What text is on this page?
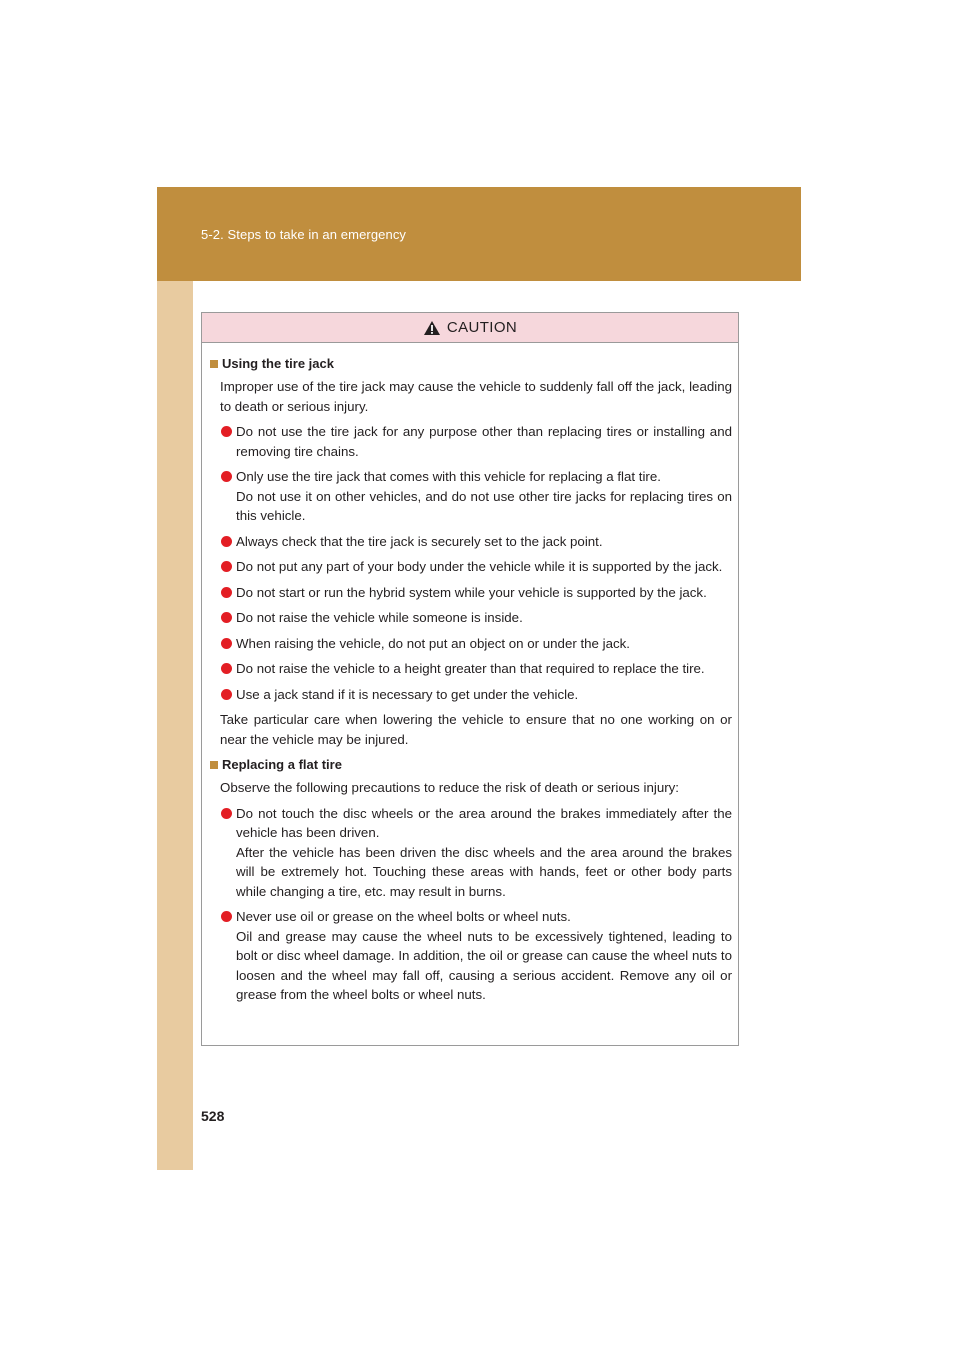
5-2. Steps to take in an emergency
CAUTION
Using the tire jack
Improper use of the tire jack may cause the vehicle to suddenly fall off the jack, leading to death or serious injury.
Do not use the tire jack for any purpose other than replacing tires or installing and removing tire chains.
Only use the tire jack that comes with this vehicle for replacing a flat tire.
Do not use it on other vehicles, and do not use other tire jacks for replacing tires on this vehicle.
Always check that the tire jack is securely set to the jack point.
Do not put any part of your body under the vehicle while it is supported by the jack.
Do not start or run the hybrid system while your vehicle is supported by the jack.
Do not raise the vehicle while someone is inside.
When raising the vehicle, do not put an object on or under the jack.
Do not raise the vehicle to a height greater than that required to replace the tire.
Use a jack stand if it is necessary to get under the vehicle.
Take particular care when lowering the vehicle to ensure that no one working on or near the vehicle may be injured.
Replacing a flat tire
Observe the following precautions to reduce the risk of death or serious injury:
Do not touch the disc wheels or the area around the brakes immediately after the vehicle has been driven.
After the vehicle has been driven the disc wheels and the area around the brakes will be extremely hot. Touching these areas with hands, feet or other body parts while changing a tire, etc. may result in burns.
Never use oil or grease on the wheel bolts or wheel nuts.
Oil and grease may cause the wheel nuts to be excessively tightened, leading to bolt or disc wheel damage. In addition, the oil or grease can cause the wheel nuts to loosen and the wheel may fall off, causing a serious accident. Remove any oil or grease from the wheel bolts or wheel nuts.
528
